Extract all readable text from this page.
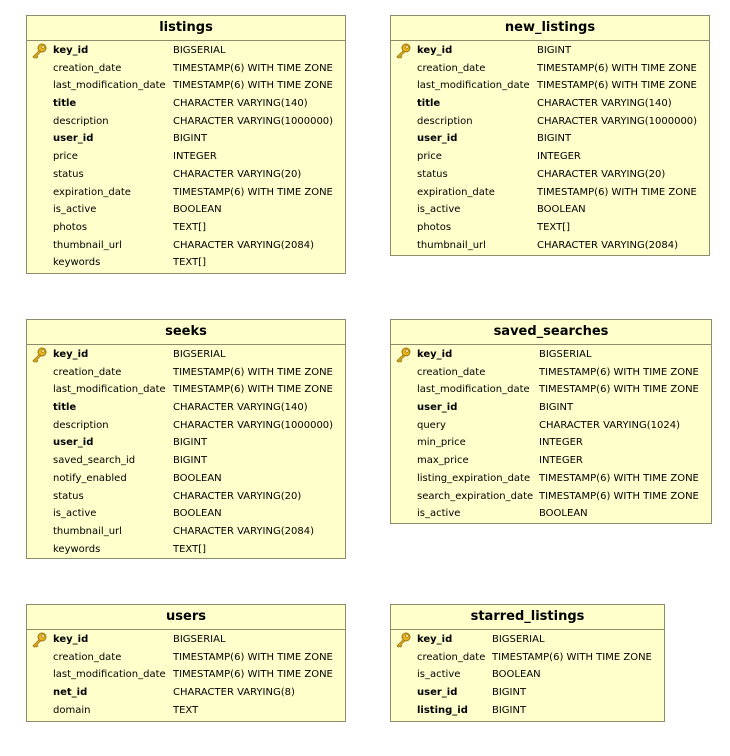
listings
key_id	BIGSERIAL
creation_date	TIMESTAMP(6) WITH TIME ZONE
last_modification_date TIMESTAMP(6) WITH TIME ZONE
title	CHARACTER VARYING(140)
description	CHARACTER VARYING(1000000)
user_id	BIGINT
price	INTEGER
status	CHARACTER VARYING(20)
expiration_date	TIMESTAMP(6) WITH TIME ZONE
is_active	BOOLEAN
photos	TEXT[]
thumbnail_url	CHARACTER VARYING(2084)
keywords	TEXT[]
new_listings
key_id	BIGINT
creation_date	TIMESTAMP(6) WITH TIME ZONE
last_modification_date TIMESTAMP(6) WITH TIME ZONE
title	CHARACTER VARYING(140)
description	CHARACTER VARYING(1000000)
user_id	BIGINT
price	INTEGER
status	CHARACTER VARYING(20)
expiration_date	TIMESTAMP(6) WITH TIME ZONE
is_active	BOOLEAN
photos	TEXT[]
thumbnail_url	CHARACTER VARYING(2084)
seeks
key_id	BIGSERIAL
creation_date	TIMESTAMP(6) WITH TIME ZONE
last_modification_date TIMESTAMP(6) WITH TIME ZONE
title	CHARACTER VARYING(140)
description	CHARACTER VARYING(1000000)
user_id	BIGINT
saved_search_id	BIGINT
notify_enabled	BOOLEAN
status	CHARACTER VARYING(20)
is_active	BOOLEAN
thumbnail_url	CHARACTER VARYING(2084)
keywords	TEXT[]
saved_searches
key_id	BIGSERIAL
creation_date	TIMESTAMP(6) WITH TIME ZONE
last_modification_date TIMESTAMP(6) WITH TIME ZONE
user_id	BIGINT
query	CHARACTER VARYING(1024)
min_price	INTEGER
max_price	INTEGER
listing_expiration_date TIMESTAMP(6) WITH TIME ZONE
search_expiration_date TIMESTAMP(6) WITH TIME ZONE
is_active	BOOLEAN
users
key_id	BIGSERIAL
creation_date	TIMESTAMP(6) WITH TIME ZONE
last_modification_date TIMESTAMP(6) WITH TIME ZONE
net_id	CHARACTER VARYING(8)
domain	TEXT
starred_listings
key_id	BIGSERIAL
creation_date TIMESTAMP(6) WITH TIME ZONE
is_active	BOOLEAN
user_id	BIGINT
listing_id BIGINT
